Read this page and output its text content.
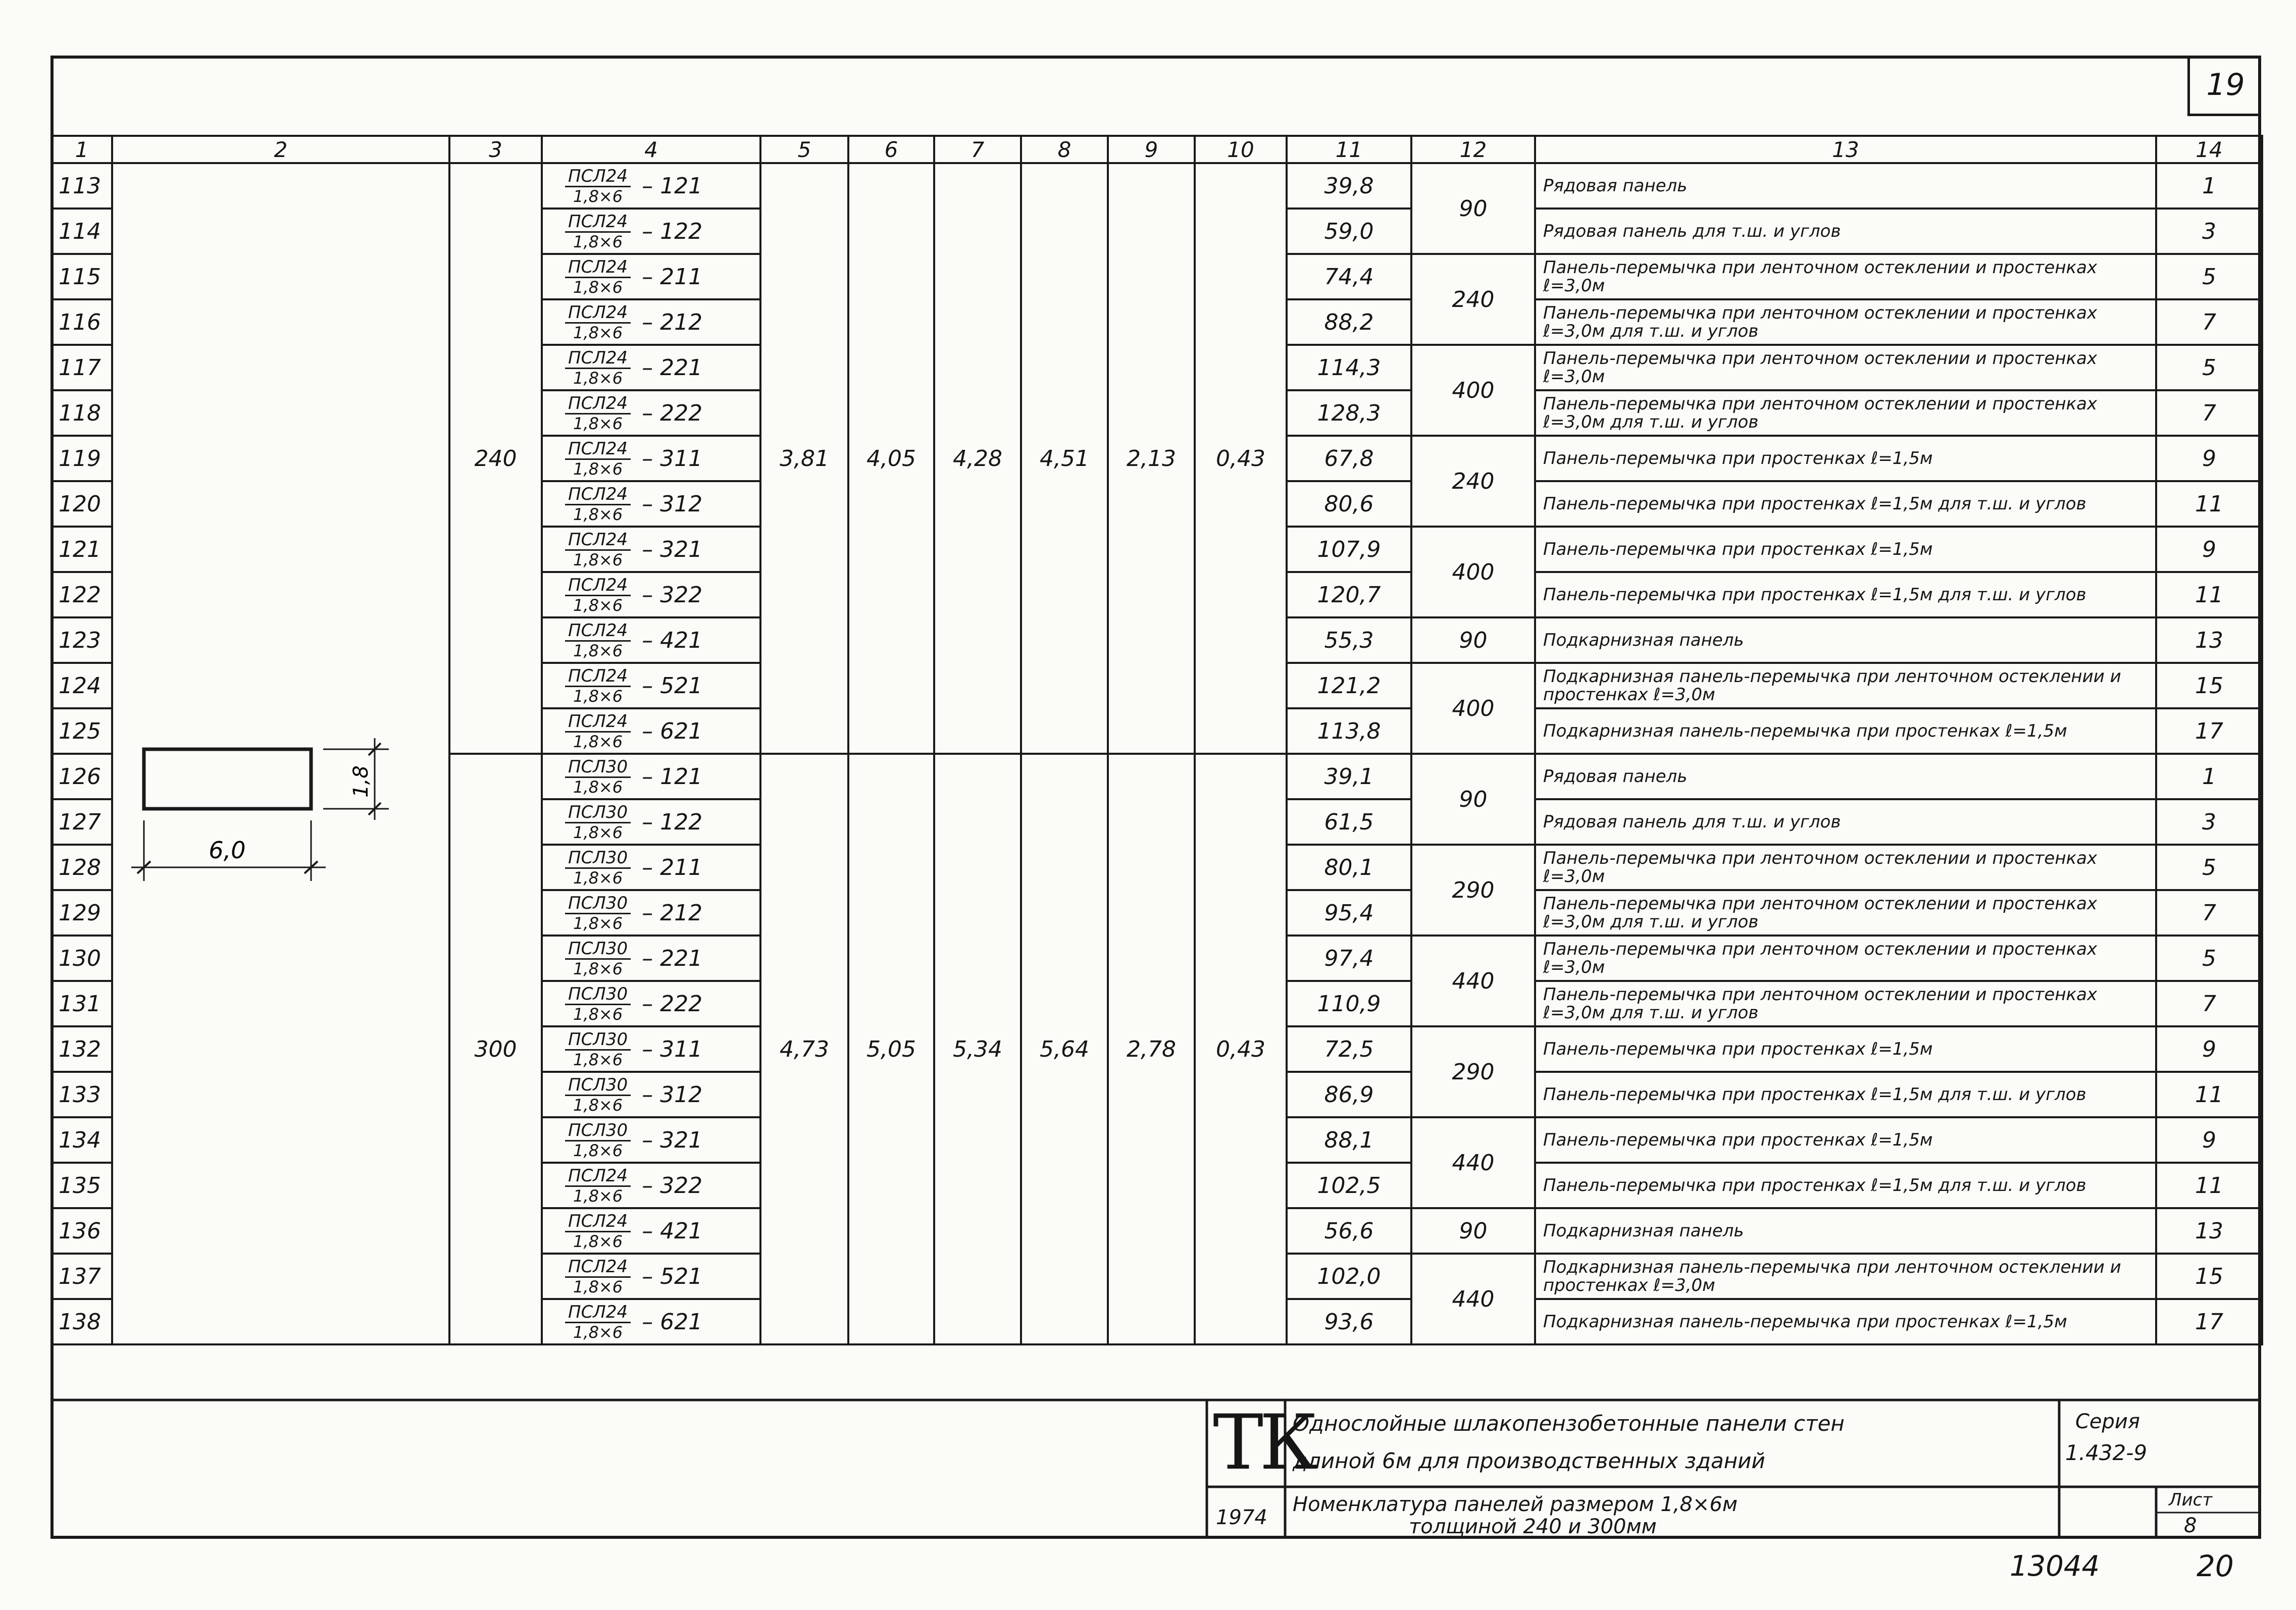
19
1	2	3	4	5	6	7	8	9	10	11	12	13	14
113		240	$\frac{\text{ПСЛ24}}{1,8\times 6} - 121$	3,81	4,05	4,28	4,51	2,13	0,43	39,8	90	Рядовая панель	1
114			$\frac{\text{ПСЛ24}}{1,8\times 6} - 122$							59,0		Рядовая панель для т.ш. и углов	3
115			$\frac{\text{ПСЛ24}}{1,8\times 6} - 211$							74,4	240	Панель-перемычка при ленточном остеклении и простенках ℓ=3,0м	5
116			$\frac{\text{ПСЛ24}}{1,8\times 6} - 212$							88,2		Панель-перемычка при ленточном остеклении и простенках ℓ=3,0м для т.ш. и углов	7
117			$\frac{\text{ПСЛ24}}{1,8\times 6} - 221$							114,3	400	Панель-перемычка при ленточном остеклении и простенках ℓ=3,0м	5
118			$\frac{\text{ПСЛ24}}{1,8\times 6} - 222$							128,3		Панель-перемычка при ленточном остеклении и простенках ℓ=3,0м для т.ш. и углов	7
119			$\frac{\text{ПСЛ24}}{1,8\times 6} - 311$							67,8	240	Панель-перемычка при простенках ℓ=1,5м	9
120			$\frac{\text{ПСЛ24}}{1,8\times 6} - 312$							80,6		Панель-перемычка при простенках ℓ=1,5м для т.ш. и углов	11
121			$\frac{\text{ПСЛ24}}{1,8\times 6} - 321$							107,9	400	Панель-перемычка при простенках ℓ=1,5м	9
122			$\frac{\text{ПСЛ24}}{1,8\times 6} - 322$							120,7		Панель-перемычка при простенках ℓ=1,5м для т.ш. и углов	11
123			$\frac{\text{ПСЛ24}}{1,8\times 6} - 421$							55,3	90	Подкарнизная панель	13
124			$\frac{\text{ПСЛ24}}{1,8\times 6} - 521$							121,2	400	Подкарнизная панель-перемычка при ленточном остеклении и простенках ℓ=3,0м	15
125			$\frac{\text{ПСЛ24}}{1,8\times 6} - 621$							113,8		Подкарнизная панель-перемычка при простенках ℓ=1,5м	17
126		300	$\frac{\text{ПСЛ30}}{1,8\times 6} - 121$	4,73	5,05	5,34	5,64	2,78	0,43	39,1	90	Рядовая панель	1
127			$\frac{\text{ПСЛ30}}{1,8\times 6} - 122$							61,5		Рядовая панель для т.ш. и углов	3
128			$\frac{\text{ПСЛ30}}{1,8\times 6} - 211$							80,1	290	Панель-перемычка при ленточном остеклении и простенках ℓ=3,0м	5
129			$\frac{\text{ПСЛ30}}{1,8\times 6} - 212$							95,4		Панель-перемычка при ленточном остеклении и простенках ℓ=3,0м для т.ш. и углов	7
130			$\frac{\text{ПСЛ30}}{1,8\times 6} - 221$							97,4	440	Панель-перемычка при ленточном остеклении и простенках ℓ=3,0м	5
131			$\frac{\text{ПСЛ30}}{1,8\times 6} - 222$							110,9		Панель-перемычка при ленточном остеклении и простенках ℓ=3,0м для т.ш. и углов	7
132			$\frac{\text{ПСЛ30}}{1,8\times 6} - 311$							72,5	290	Панель-перемычка при простенках ℓ=1,5м	9
133			$\frac{\text{ПСЛ30}}{1,8\times 6} - 312$							86,9		Панель-перемычка при простенках ℓ=1,5м для т.ш. и углов	11
134			$\frac{\text{ПСЛ30}}{1,8\times 6} - 321$							88,1	440	Панель-перемычка при простенках ℓ=1,5м	9
135			$\frac{\text{ПСЛ24}}{1,8\times 6} - 322$							102,5		Панель-перемычка при простенках ℓ=1,5м для т.ш. и углов	11
136			$\frac{\text{ПСЛ24}}{1,8\times 6} - 421$							56,6	90	Подкарнизная панель	13
137			$\frac{\text{ПСЛ24}}{1,8\times 6} - 521$							102,0	440	Подкарнизная панель-перемычка при ленточном остеклении и простенках ℓ=3,0м	15
138			$\frac{\text{ПСЛ24}}{1,8\times 6} - 621$							93,6		Подкарнизная панель-перемычка при простенках ℓ=1,5м	17
6,0
1,8
ТК
Однослойные шлакопензобетонные панели стен
длиной 6м для производственных зданий
Серия
1.432-9
1974
Номенклатура панелей размером 1,8×6м
толщиной 240 и 300мм
Лист
8
13044	20
